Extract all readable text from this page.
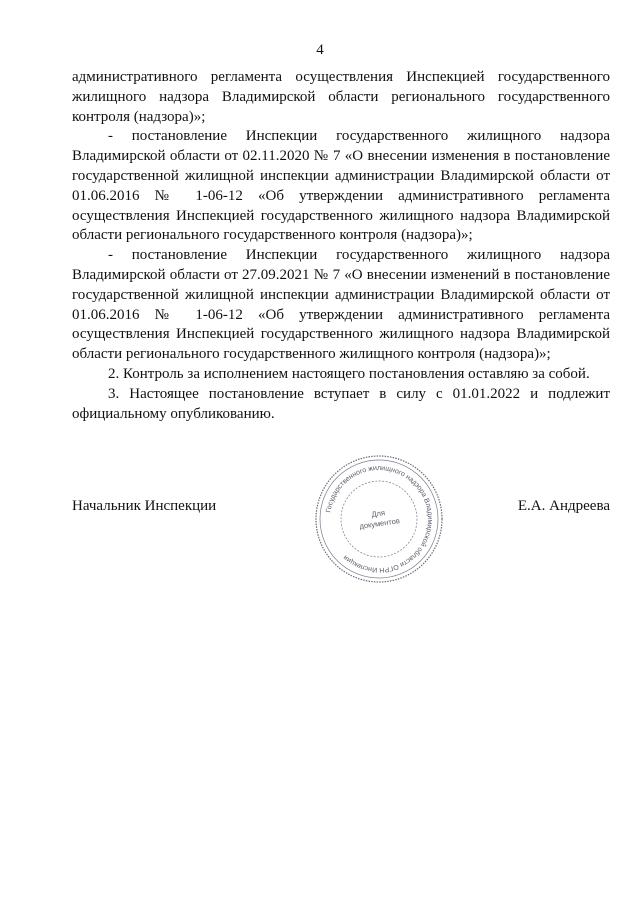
4

административного регламента осуществления Инспекцией государственного жилищного надзора Владимирской области регионального государственного контроля (надзора)»;

- постановление Инспекции государственного жилищного надзора Владимирской области от 02.11.2020 № 7 «О внесении изменения в постановление государственной жилищной инспекции администрации Владимирской области от 01.06.2016 № 1-06-12 «Об утверждении административного регламента осуществления Инспекцией государственного жилищного надзора Владимирской области регионального государственного контроля (надзора)»;

- постановление Инспекции государственного жилищного надзора Владимирской области от 27.09.2021 № 7 «О внесении изменений в постановление государственной жилищной инспекции администрации Владимирской области от 01.06.2016 № 1-06-12 «Об утверждении административного регламента осуществления Инспекцией государственного жилищного надзора Владимирской области регионального государственного жилищного контроля (надзора)»;

2. Контроль за исполнением настоящего постановления оставляю за собой.

3. Настоящее постановление вступает в силу с 01.01.2022 и подлежит официальному опубликованию.

Начальник Инспекции	Е.А. Андреева
Государственного жилищного надзора Владимирской области ОГРН Инспекция
Для
документов
